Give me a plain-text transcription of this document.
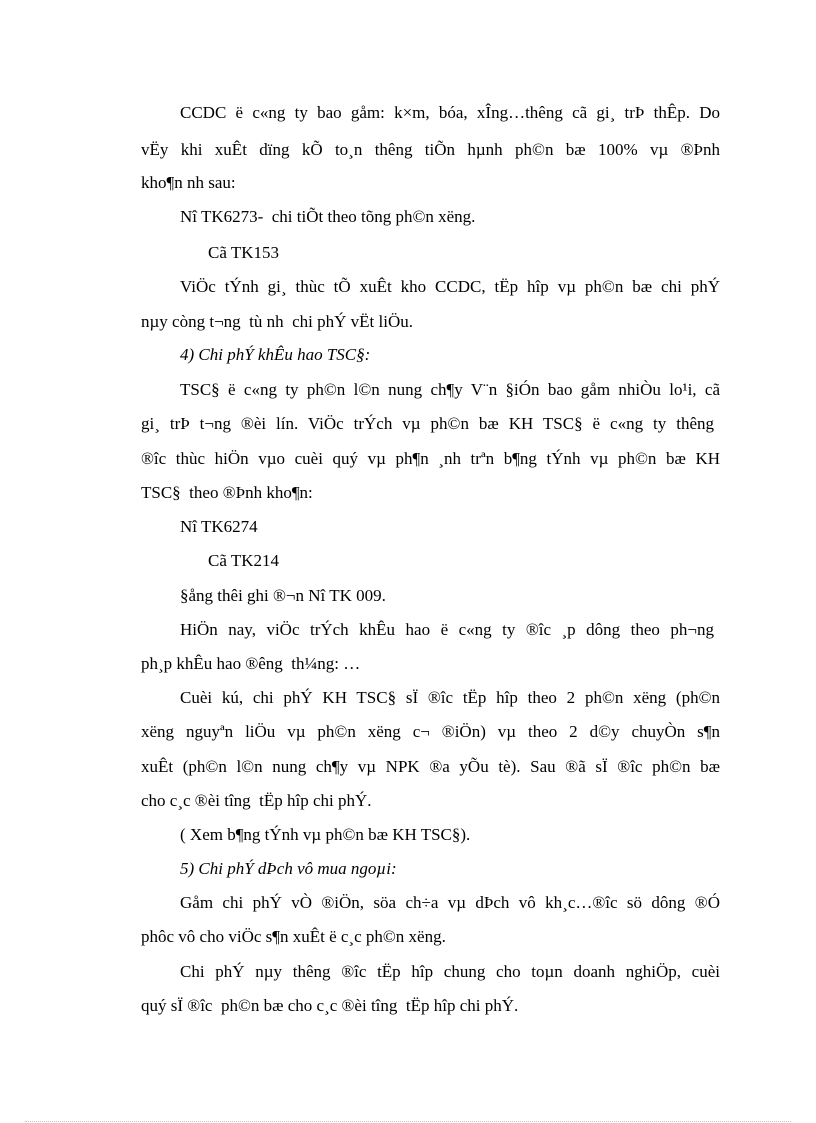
CCDC ë c«ng ty bao gåm: k×m, bóa, xÎng…thêng cã gi¸ trÞ thÊp. Do
vËy khi xuÊt dïng kÕ to¸n thêng tiÕn hµnh ph©n bæ 100% vµ ®Þnh
kho¶n nh sau:
Nî TK6273-  chi tiÕt theo tõng ph©n xëng.
Cã TK153
ViÖc tÝnh gi¸ thùc tÕ xuÊt kho CCDC, tËp hîp vµ ph©n bæ chi phÝ
nµy còng t¬ng  tù nh  chi phÝ vËt liÖu.
4) Chi phÝ khÊu hao TSC§:
TSC§ ë c«ng ty ph©n l©n nung ch¶y V¨n §iÓn bao gåm nhiÒu lo¹i, cã
gi¸ trÞ t¬ng ®èi lín. ViÖc trÝch vµ ph©n bæ KH TSC§ ë c«ng ty thêng
®îc thùc hiÖn vµo cuèi quý vµ ph¶n ¸nh trªn b¶ng tÝnh vµ ph©n bæ KH
TSC§  theo ®Þnh kho¶n:
Nî TK6274
Cã TK214
§ång thêi ghi ®¬n Nî TK 009.
HiÖn nay, viÖc trÝch khÊu hao ë c«ng ty ®îc ¸p dông theo ph¬ng
ph¸p khÊu hao ®êng  th¼ng: …
Cuèi kú, chi phÝ KH TSC§ sÏ ®îc tËp hîp theo 2 ph©n xëng (ph©n
xëng nguyªn liÖu vµ ph©n xëng c¬ ®iÖn) vµ theo 2 d©y chuyÒn s¶n
xuÊt (ph©n l©n nung ch¶y vµ NPK ®a yÕu tè). Sau ®ã sÏ ®îc ph©n bæ
cho c¸c ®èi tîng  tËp hîp chi phÝ.
( Xem b¶ng tÝnh vµ ph©n bæ KH TSC§).
5) Chi phÝ dÞch vô mua ngoµi:
Gåm chi phÝ vÒ ®iÖn, söa ch÷a vµ dÞch vô kh¸c…®îc sö dông ®Ó
phôc vô cho viÖc s¶n xuÊt ë c¸c ph©n xëng.
Chi phÝ nµy thêng ®îc tËp hîp chung cho toµn doanh nghiÖp, cuèi
quý sÏ ®îc  ph©n bæ cho c¸c ®èi tîng  tËp hîp chi phÝ.
